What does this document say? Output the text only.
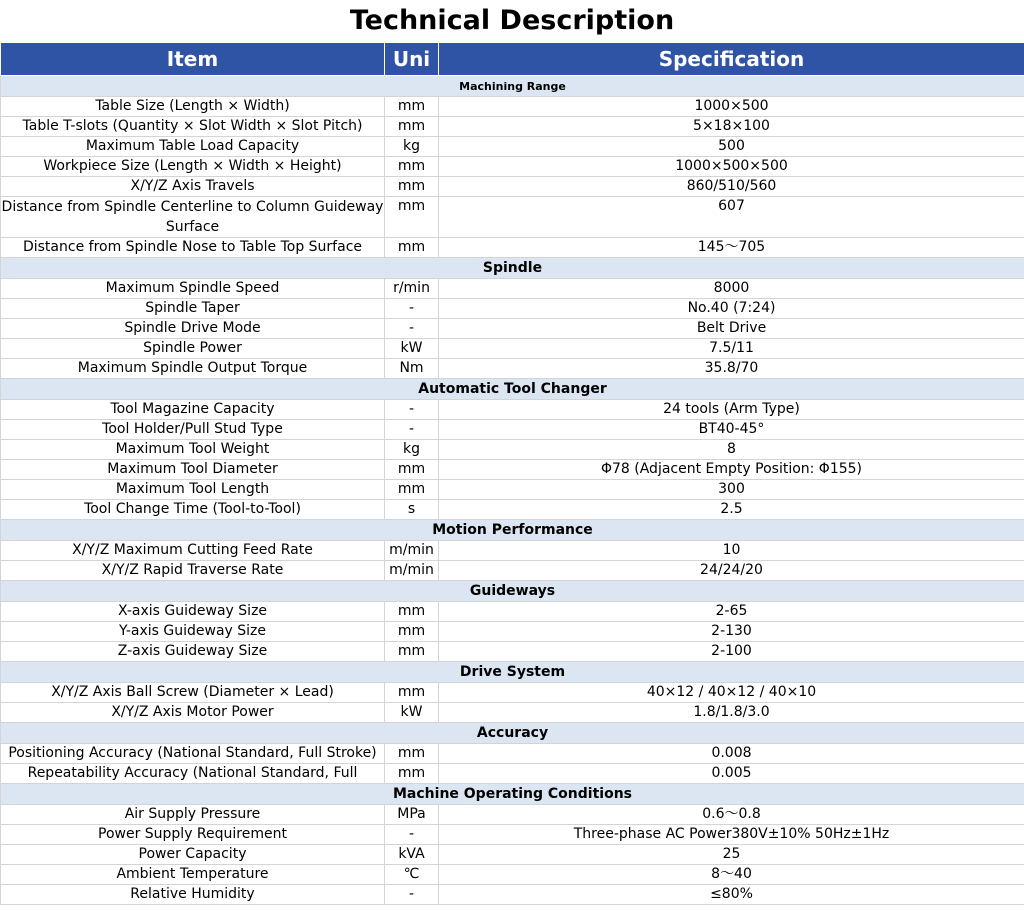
Technical Description
Item	Uni	Specification
Machining Range		
Table Size (Length × Width)	mm	1000×500
Table T-slots (Quantity × Slot Width × Slot Pitch)	mm	5×18×100
Maximum Table Load Capacity	kg	500
Workpiece Size (Length × Width × Height)	mm	1000×500×500
X/Y/Z Axis Travels	mm	860/510/560
Distance from Spindle Centerline to Column Guideway Surface	mm	607
Distance from Spindle Nose to Table Top Surface	mm	145～705
Spindle		
Maximum Spindle Speed	r/min	8000
Spindle Taper	-	No.40 (7:24)
Spindle Drive Mode	-	Belt Drive
Spindle Power	kW	7.5/11
Maximum Spindle Output Torque	Nm	35.8/70
Automatic Tool Changer		
Tool Magazine Capacity	-	24 tools (Arm Type)
Tool Holder/Pull Stud Type	-	BT40-45°
Maximum Tool Weight	kg	8
Maximum Tool Diameter	mm	Φ78 (Adjacent Empty Position: Φ155)
Maximum Tool Length	mm	300
Tool Change Time (Tool-to-Tool)	s	2.5
Motion Performance		
X/Y/Z Maximum Cutting Feed Rate	m/min	10
X/Y/Z Rapid Traverse Rate	m/min	24/24/20
Guideways		
X-axis Guideway Size	mm	2-65
Y-axis Guideway Size	mm	2-130
Z-axis Guideway Size	mm	2-100
Drive System		
X/Y/Z Axis Ball Screw (Diameter × Lead)	mm	40×12 / 40×12 / 40×10
X/Y/Z Axis Motor Power	kW	1.8/1.8/3.0
Accuracy		
Positioning Accuracy (National Standard, Full Stroke)	mm	0.008
Repeatability Accuracy (National Standard, Full	mm	0.005
Machine Operating Conditions		
Air Supply Pressure	MPa	0.6～0.8
Power Supply Requirement	-	Three-phase AC Power380V±10% 50Hz±1Hz
Power Capacity	kVA	25
Ambient Temperature	℃	8～40
Relative Humidity	-	≤80%
